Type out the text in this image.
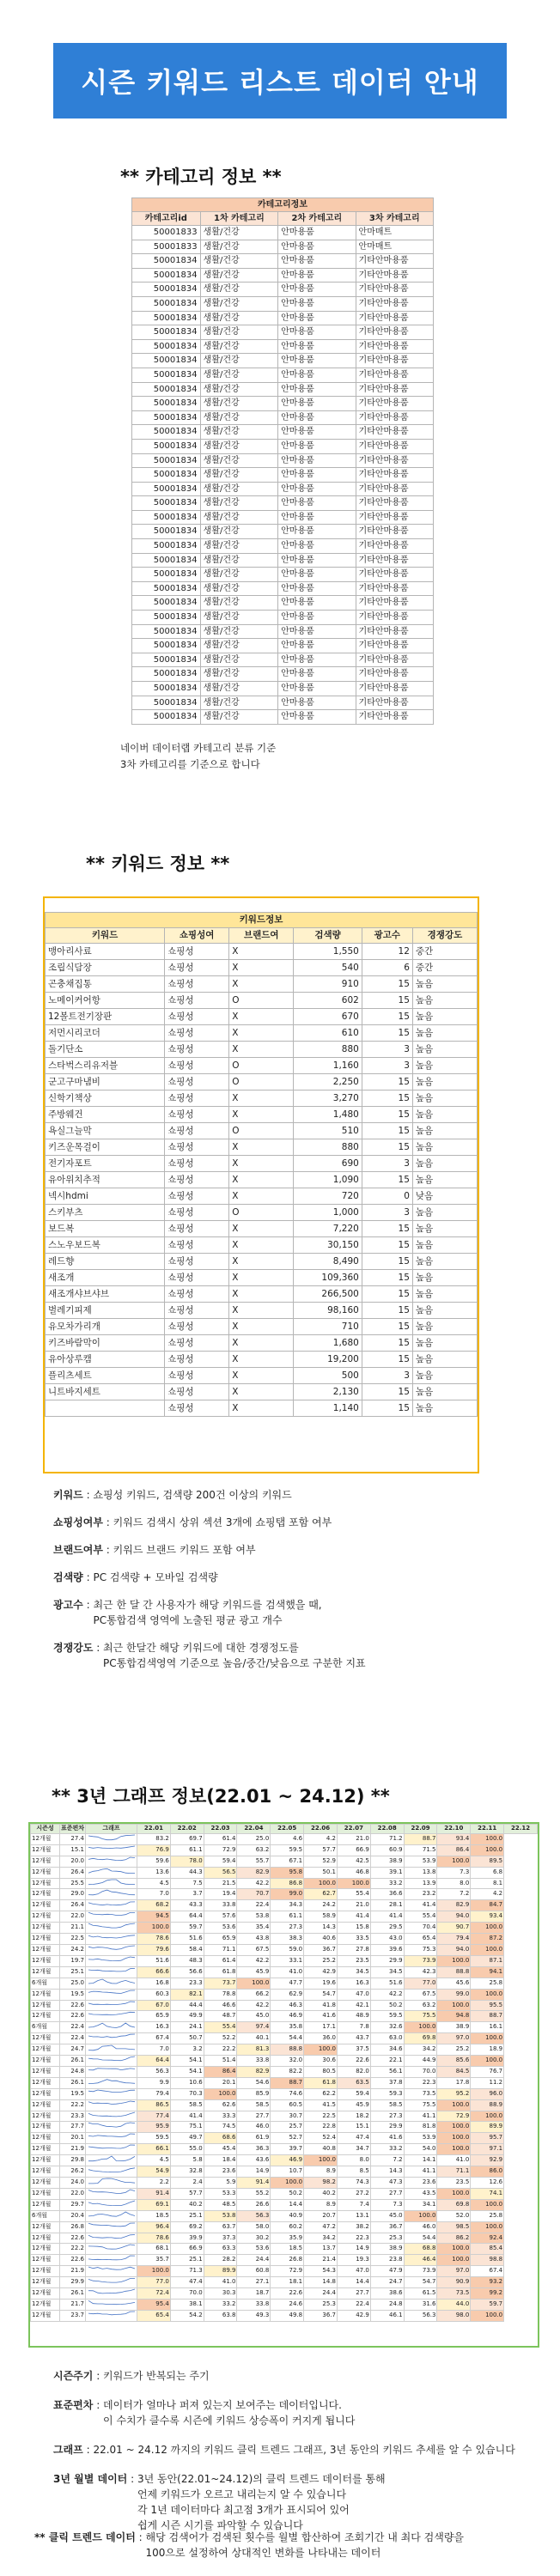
시즌 키워드 리스트 데이터 안내
** 카테고리 정보 **
카테고리정보			
카테고리id	1차 카테고리	2차 카테고리	3차 카테고리
50001833	생활/건강	안마용품	안마매트
50001833	생활/건강	안마용품	안마매트
50001834	생활/건강	안마용품	기타안마용품
50001834	생활/건강	안마용품	기타안마용품
50001834	생활/건강	안마용품	기타안마용품
50001834	생활/건강	안마용품	기타안마용품
50001834	생활/건강	안마용품	기타안마용품
50001834	생활/건강	안마용품	기타안마용품
50001834	생활/건강	안마용품	기타안마용품
50001834	생활/건강	안마용품	기타안마용품
50001834	생활/건강	안마용품	기타안마용품
50001834	생활/건강	안마용품	기타안마용품
50001834	생활/건강	안마용품	기타안마용품
50001834	생활/건강	안마용품	기타안마용품
50001834	생활/건강	안마용품	기타안마용품
50001834	생활/건강	안마용품	기타안마용품
50001834	생활/건강	안마용품	기타안마용품
50001834	생활/건강	안마용품	기타안마용품
50001834	생활/건강	안마용품	기타안마용품
50001834	생활/건강	안마용품	기타안마용품
50001834	생활/건강	안마용품	기타안마용품
50001834	생활/건강	안마용품	기타안마용품
50001834	생활/건강	안마용품	기타안마용품
50001834	생활/건강	안마용품	기타안마용품
50001834	생활/건강	안마용품	기타안마용품
50001834	생활/건강	안마용품	기타안마용품
50001834	생활/건강	안마용품	기타안마용품
50001834	생활/건강	안마용품	기타안마용품
50001834	생활/건강	안마용품	기타안마용품
50001834	생활/건강	안마용품	기타안마용품
50001834	생활/건강	안마용품	기타안마용품
50001834	생활/건강	안마용품	기타안마용품
50001834	생활/건강	안마용품	기타안마용품
50001834	생활/건강	안마용품	기타안마용품
50001834	생활/건강	안마용품	기타안마용품
네이버 데이터랩 카테고리 분류 기준
3차 카테고리를 기준으로 합니다
** 키워드 정보 **
키워드정보					
키워드	쇼핑성여	브랜드여	검색량	광고수	경쟁강도
맹아리사료	쇼핑성	X	1,550	12	중간
조립식담장	쇼핑성	X	540	6	중간
곤충채집통	쇼핑성	X	910	15	높음
노메이커어항	쇼핑성	O	602	15	높음
12볼트전기장판	쇼핑성	X	670	15	높음
저먼시리코더	쇼핑성	X	610	15	높음
돌기단소	쇼핑성	X	880	3	높음
스타벅스리유저블	쇼핑성	O	1,160	3	높음
군고구마냄비	쇼핑성	O	2,250	15	높음
신학기책상	쇼핑성	X	3,270	15	높음
주방웨건	쇼핑성	X	1,480	15	높음
욕실그늘막	쇼핑성	O	510	15	높음
키즈운목걸이	쇼핑성	X	880	15	높음
전기자포트	쇼핑성	X	690	3	높음
유아위치추적	쇼핑성	X	1,090	15	높음
넥시hdmi	쇼핑성	X	720	0	낮음
스키부츠	쇼핑성	O	1,000	3	높음
보드복	쇼핑성	X	7,220	15	높음
스노우보드복	쇼핑성	X	30,150	15	높음
레드향	쇼핑성	X	8,490	15	높음
새조개	쇼핑성	X	109,360	15	높음
새조개샤브샤브	쇼핑성	X	266,500	15	높음
벌레기피제	쇼핑성	X	98,160	15	높음
유모차가리개	쇼핑성	X	710	15	높음
키즈바람막이	쇼핑성	X	1,680	15	높음
유아상루캠	쇼핑성	X	19,200	15	높음
플리츠세트	쇼핑성	X	500	3	높음
니트바지세트	쇼핑성	X	2,130	15	높음
	쇼핑성	X	1,140	15	높음
키워드 : 쇼핑성 키워드, 검색량 200건 이상의 키워드
쇼핑성여부 : 키워드 검색시 상위 섹션 3개에 쇼핑탭 포함 여부
브랜드여부 : 키워드 브랜드 키워드 포함 여부
검색량 : PC 검색량 + 모바일 검색량
광고수 : 최근 한 달 간 사용자가 해당 키워드를 검색했을 때,
PC통합검색 영역에 노출된 평균 광고 개수
경쟁강도 : 최근 한달간 해당 키워드에 대한 경쟁정도를
PC통합검색영역 기준으로 높음/중간/낮음으로 구분한 지표
** 3년 그래프 정보(22.01 ~ 24.12) **
시즌성	표준편차	그래프	22.01	22.02	22.03	22.04	22.05	22.06	22.07	22.08	22.09	22.10	22.11	22.12
12개월	27.4		83.2	69.7	61.4	25.0	4.6	4.2	21.0	71.2	88.7	93.4	100.0	
12개월	15.1		76.9	61.1	72.9	63.2	59.5	57.7	66.9	60.9	71.5	86.4	100.0	
12개월	20.0		59.6	78.0	59.4	55.7	67.1	52.9	42.5	38.9	53.9	100.0	89.5	
12개월	26.4		13.6	44.3	56.5	82.9	95.8	50.1	46.8	39.1	13.8	7.3	6.8	
12개월	25.5		4.5	7.5	21.5	42.2	86.8	100.0	100.0	33.2	13.9	8.0	8.1	
12개월	29.0		7.0	3.7	19.4	70.7	99.0	62.7	55.4	36.6	23.2	7.2	4.2	
12개월	26.4		68.2	43.3	33.8	22.4	34.3	24.2	21.0	28.1	41.4	82.9	84.7	
12개월	22.0		94.5	64.4	57.6	53.8	61.1	58.9	41.4	41.4	55.4	94.0	93.4	
12개월	21.1		100.0	59.7	53.6	35.4	27.3	14.3	15.8	29.5	70.4	90.7	100.0	
12개월	22.5		78.6	51.6	65.9	43.8	38.3	40.6	33.5	43.0	65.4	79.4	87.2	
12개월	24.2		79.6	58.4	71.1	67.5	59.0	36.7	27.8	39.6	75.3	94.0	100.0	
12개월	19.7		51.6	48.3	61.4	42.2	33.1	25.2	23.5	29.9	73.9	100.0	87.1	
12개월	25.1		66.6	56.6	61.8	45.9	41.0	42.9	34.5	34.5	42.3	88.8	94.1	
6개월	25.0		16.8	23.3	73.7	100.0	47.7	19.6	16.3	51.6	77.0	45.6	25.8	
12개월	19.5		60.3	82.1	78.8	66.2	62.9	54.7	47.0	42.2	67.5	99.0	100.0	
12개월	22.6		67.0	44.4	46.6	42.2	46.3	41.8	42.1	50.2	63.2	100.0	95.5	
12개월	22.6		65.9	49.9	48.7	45.0	46.9	41.6	48.9	59.5	75.5	94.8	88.7	
6개월	22.4		16.3	24.1	55.4	97.4	35.8	17.1	7.8	32.6	100.0	38.9	16.1	
12개월	22.4		67.4	50.7	52.2	40.1	54.4	36.0	43.7	63.0	69.8	97.0	100.0	
12개월	24.7		7.0	3.2	22.2	81.3	88.8	100.0	37.5	34.6	34.2	25.2	18.9	
12개월	26.1		64.4	54.1	51.4	33.8	32.0	30.6	22.6	22.1	44.9	85.6	100.0	
12개월	24.8		56.3	54.1	86.4	82.9	82.2	80.5	82.0	56.1	70.0	84.5	76.7	
12개월	26.1		9.9	10.6	20.1	54.6	88.7	61.8	63.5	37.8	22.3	17.8	11.2	
12개월	19.5		79.4	70.3	100.0	85.9	74.6	62.2	59.4	59.3	73.5	95.2	96.0	
12개월	22.2		86.5	58.5	62.6	58.5	60.5	41.5	45.9	58.5	75.5	100.0	88.9	
12개월	23.3		77.4	41.4	33.3	27.7	30.7	22.5	18.2	27.3	41.1	72.9	100.0	
12개월	27.7		95.9	75.1	74.5	46.0	25.7	22.8	15.1	29.9	81.8	100.0	89.9	
12개월	20.1		59.5	49.7	68.6	61.9	52.7	52.4	47.4	41.6	53.9	100.0	95.7	
12개월	21.9		66.1	55.0	45.4	36.3	39.7	40.8	34.7	33.2	54.0	100.0	97.1	
12개월	29.8		4.5	5.8	18.4	43.6	46.9	100.0	8.0	7.2	14.1	41.0	92.9	
12개월	26.2		54.9	32.8	23.6	14.9	10.7	8.9	8.5	14.3	41.1	71.1	86.0	
12개월	24.0		2.2	2.4	5.9	91.4	100.0	98.2	74.3	47.3	23.6	23.5	12.6	
12개월	22.0		91.4	57.7	53.3	55.2	50.2	40.2	27.2	27.7	43.5	100.0	74.1	
12개월	29.7		69.1	40.2	48.5	26.6	14.4	8.9	7.4	7.3	34.1	69.8	100.0	
6개월	20.4		18.5	25.1	53.8	56.3	40.9	20.7	13.1	45.0	100.0	52.0	25.8	
12개월	26.8		96.4	69.2	63.7	58.0	60.2	47.2	38.2	36.7	46.0	98.5	100.0	
12개월	22.6		78.6	39.9	37.3	30.2	35.9	34.2	22.3	25.3	54.4	86.2	92.4	
12개월	22.2		68.1	66.9	63.3	53.6	18.5	13.7	14.9	38.9	68.8	100.0	85.4	
12개월	22.6		35.7	25.1	28.2	24.4	26.8	21.4	19.3	23.8	46.4	100.0	98.8	
12개월	21.9		100.0	71.3	89.9	60.8	72.9	54.3	47.0	47.9	73.9	97.0	67.4	
12개월	29.9		77.0	47.4	41.0	27.1	18.1	14.8	14.4	24.7	54.7	90.9	93.2	
12개월	26.1		72.4	70.0	30.3	18.7	22.6	24.4	27.7	38.6	61.5	73.5	99.2	
12개월	21.7		95.4	38.1	33.2	33.8	24.6	25.3	22.4	24.8	31.6	44.0	59.7	
12개월	23.7		65.4	54.2	63.8	49.3	49.8	36.7	42.9	46.1	56.3	98.0	100.0	
시즌주기 : 키워드가 반복되는 주기
표준편차 : 데이터가 얼마나 퍼져 있는지 보여주는 데이터입니다.
이 수치가 클수록 시즌에 키워드 상승폭이 커지게 됩니다
그래프 : 22.01 ~ 24.12 까지의 키워드 클릭 트렌드 그래프, 3년 동안의 키워드 추세를 알 수 있습니다
3년 월별 데이터 : 3년 동안(22.01~24.12)의 클릭 트렌드 데이터를 통해
언제 키워드가 오르고 내리는지 알 수 있습니다
각 1년 데이터마다 최고점 3개가 표시되어 있어
쉽게 시즌 시기를 파악할 수 있습니다
** 클릭 트렌드 데이터 : 해당 검색어가 검색된 횟수를 월별 합산하여 조회기간 내 최다 검색량을
100으로 설정하여 상대적인 변화를 나타내는 데이터
